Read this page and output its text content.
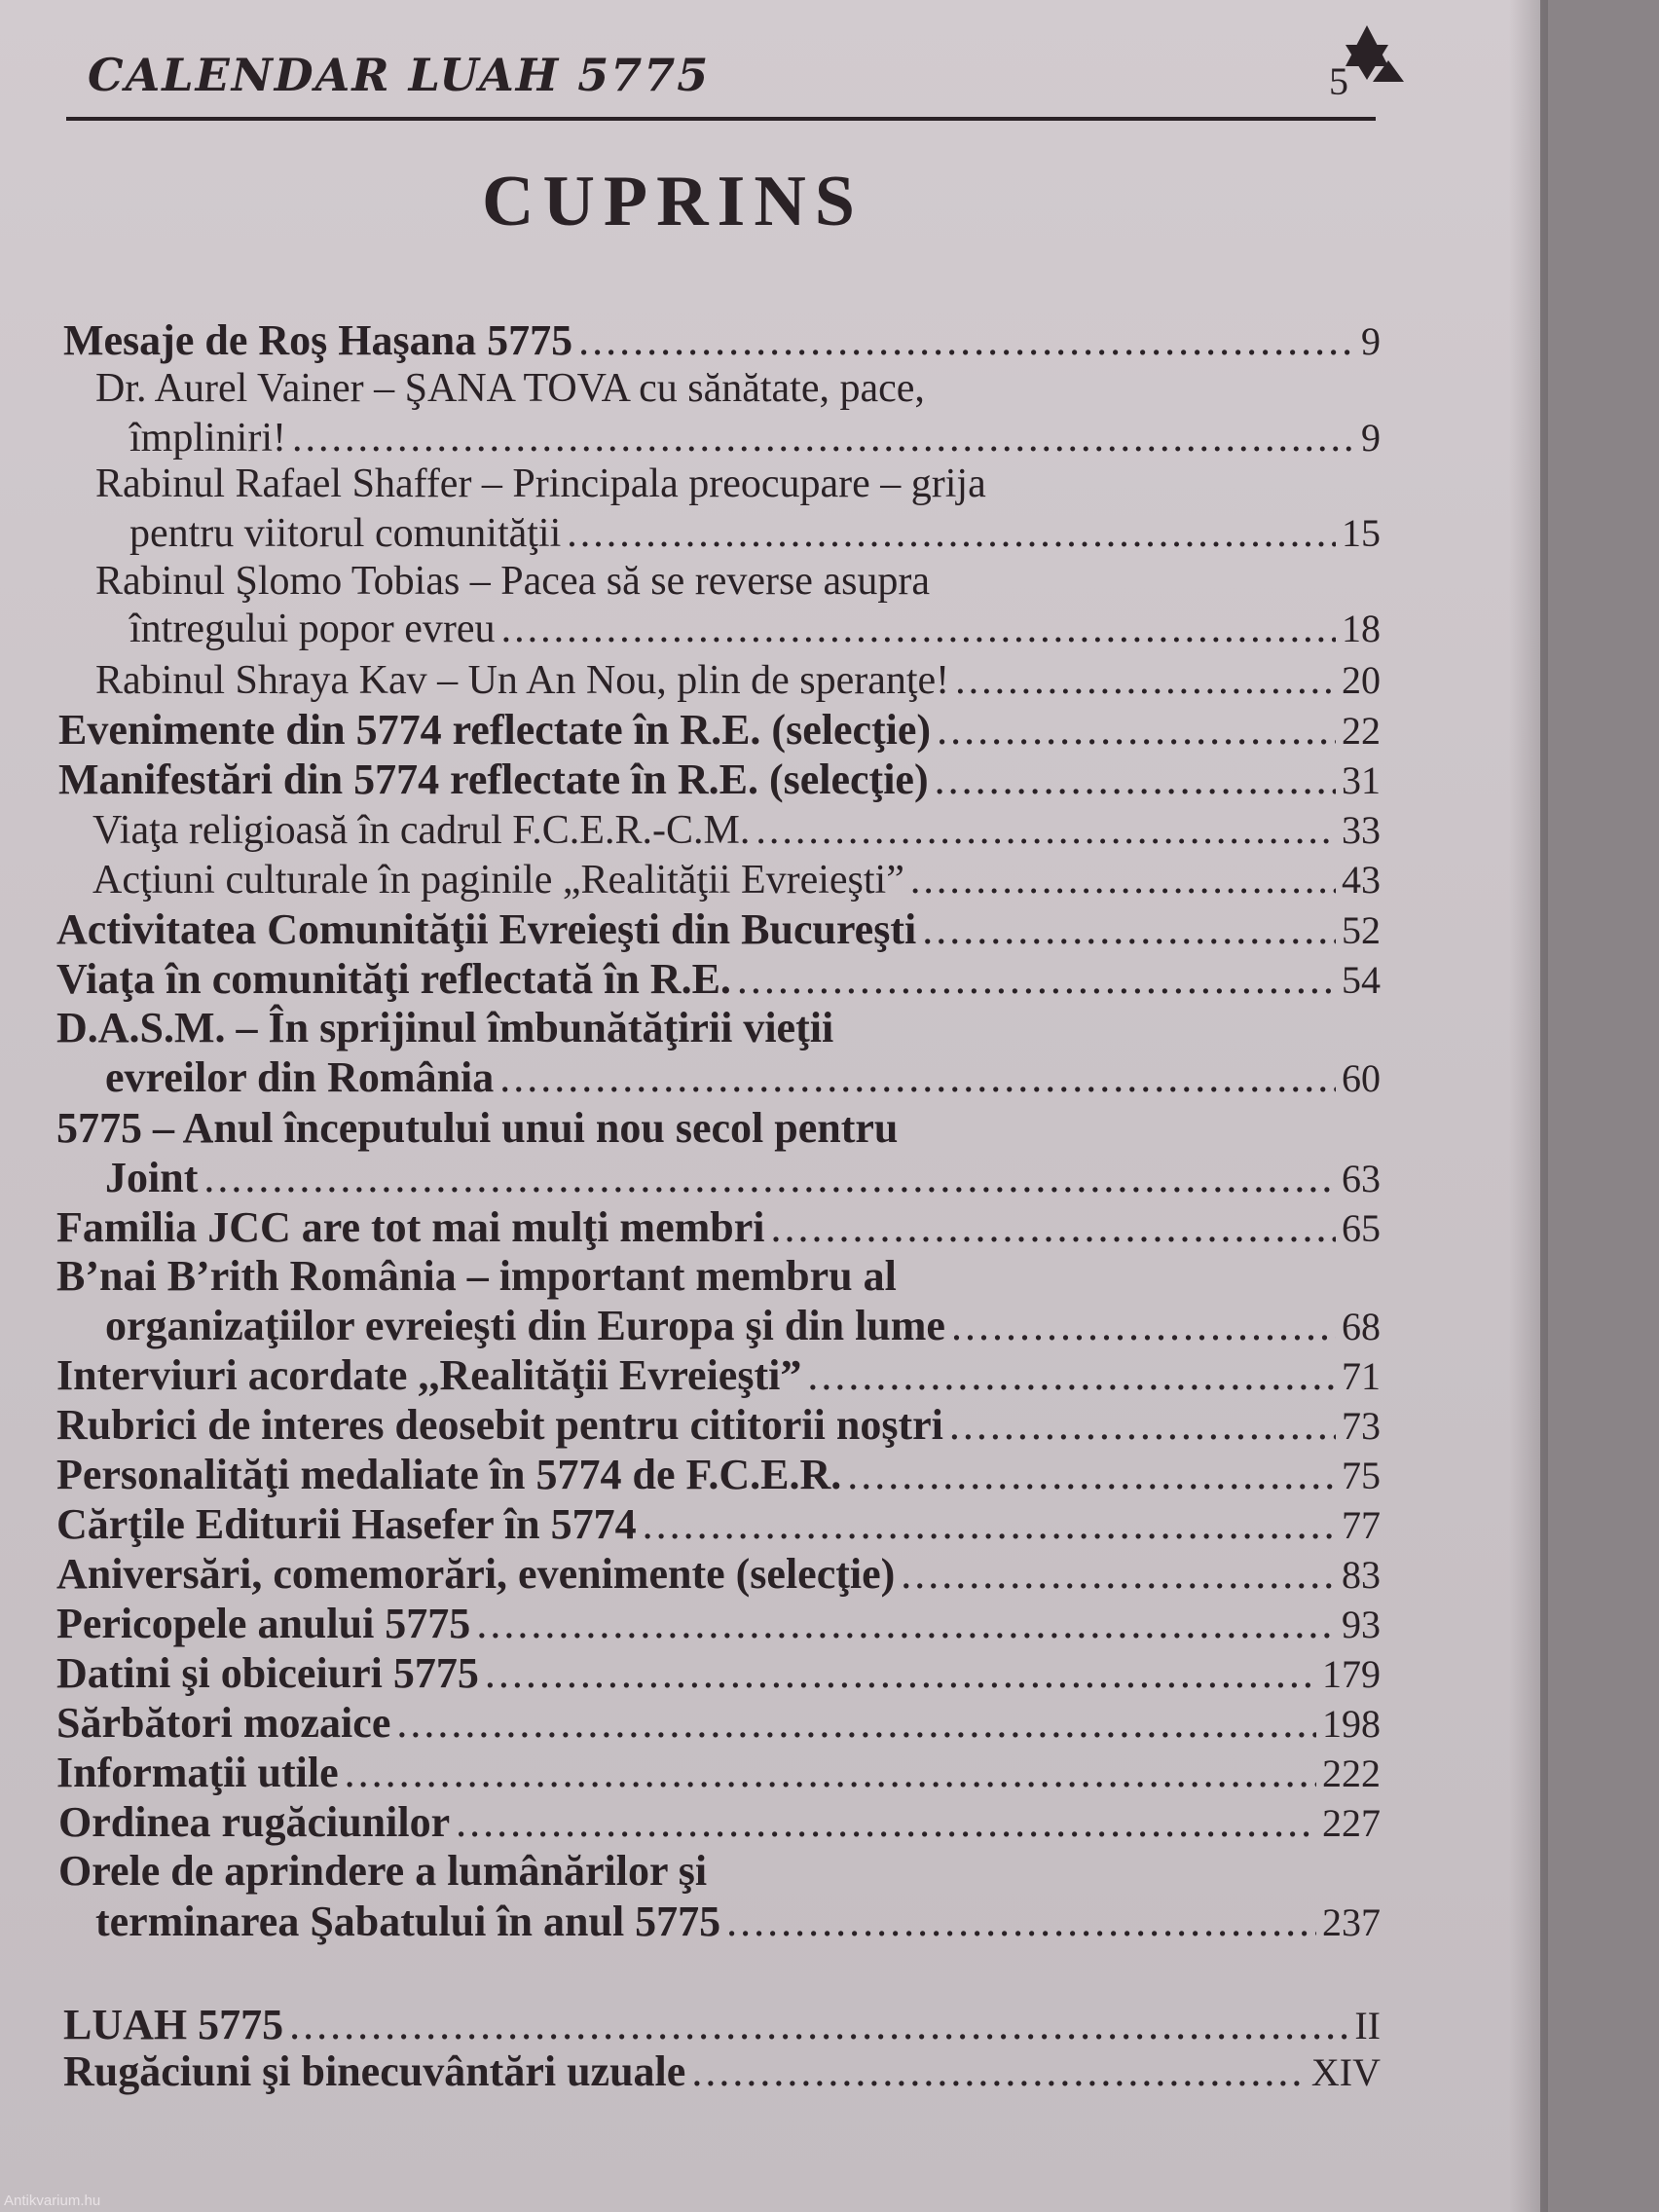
CALENDAR LUAH 5775	5
CUPRINS
Mesaje de Roş Haşana 5775 .....	9
Dr. Aurel Vainer – ŞANA TOVA cu sănătate, pace,
împliniri! .....	9
Rabinul Rafael Shaffer – Principala preocupare – grija
pentru viitorul comunităţii .....	15
Rabinul Şlomo Tobias – Pacea să se reverse asupra
întregului popor evreu .....	18
Rabinul Shraya Kav – Un An Nou, plin de speranţe! .....	20
Evenimente din 5774 reflectate în R.E. (selecţie) .....	22
Manifestări din 5774 reflectate în R.E. (selecţie) .....	31
Viaţa religioasă în cadrul F.C.E.R.-C.M. .....	33
Acţiuni culturale în paginile „Realităţii Evreieşti” .....	43
Activitatea Comunităţii Evreieşti din Bucureşti .....	52
Viaţa în comunităţi reflectată în R.E. .....	54
D.A.S.M. – În sprijinul îmbunătăţirii vieţii
evreilor din România .....	60
5775 – Anul începutului unui nou secol pentru
Joint .....	63
Familia JCC are tot mai mulţi membri .....	65
B’nai B’rith România – important membru al
organizaţiilor evreieşti din Europa şi din lume .....	68
Interviuri acordate ,,Realităţii Evreieşti” .....	71
Rubrici de interes deosebit pentru cititorii noştri .....	73
Personalităţi medaliate în 5774 de F.C.E.R. .....	75
Cărţile Editurii Hasefer în 5774 .....	77
Aniversări, comemorări, evenimente (selecţie) .....	83
Pericopele anului 5775 .....	93
Datini şi obiceiuri 5775 .....	179
Sărbători mozaice .....	198
Informaţii utile .....	222
Ordinea rugăciunilor .....	227
Orele de aprindere a lumânărilor şi
terminarea Şabatului în anul 5775 .....	237
LUAH 5775 .....	II
Rugăciuni şi binecuvântări uzuale .....	XIV
Antikvarium.hu
